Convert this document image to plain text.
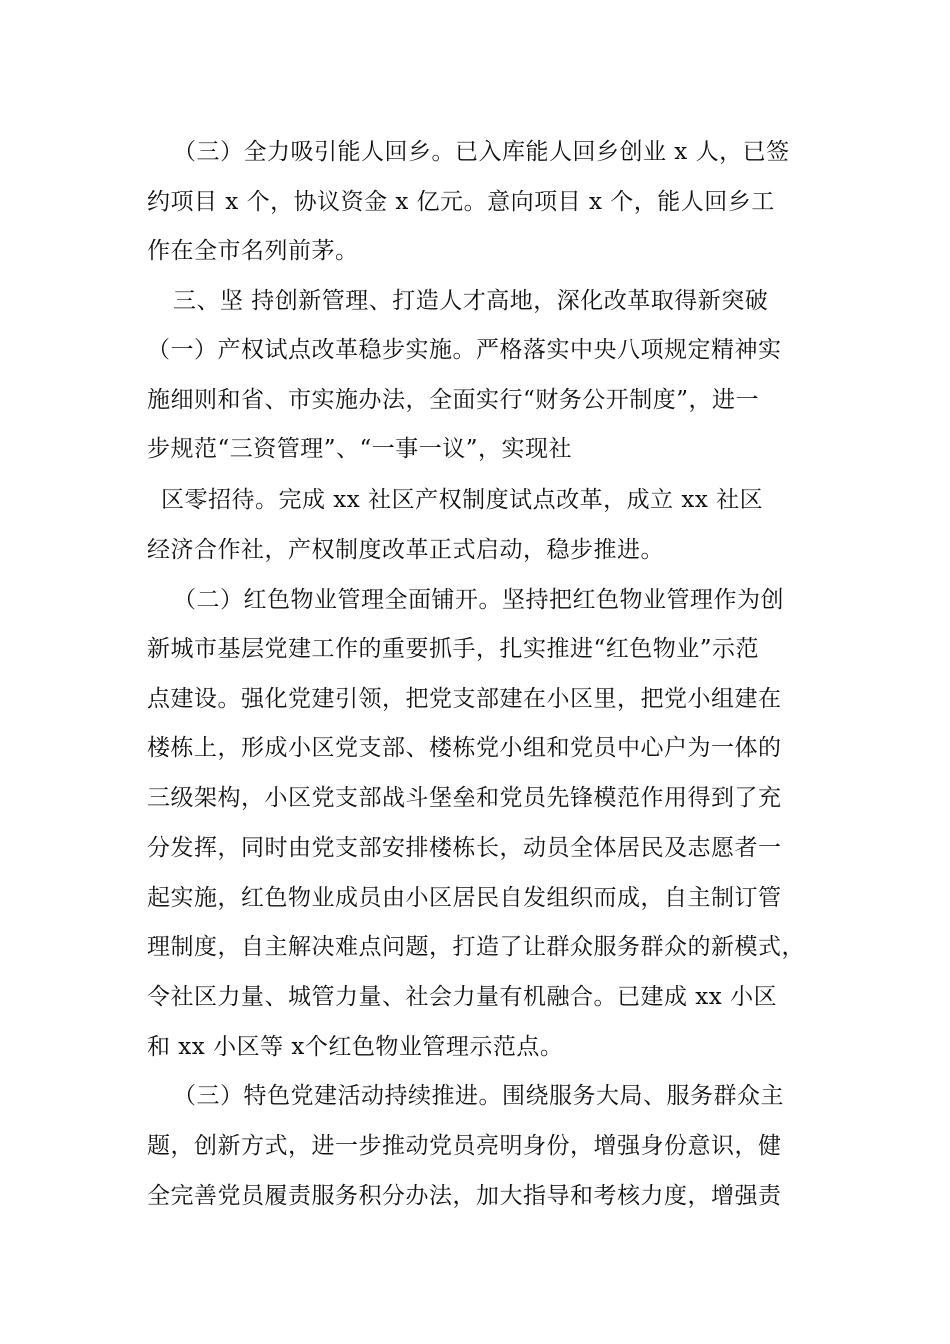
（三）全力吸引能人回乡。已入库能人回乡创业 x 人，已签
约项目 x 个，协议资金 x 亿元。意向项目 x 个，能人回乡工
作在全市名列前茅。
三、坚 持创新管理、打造人才高地，深化改革取得新突破
（一）产权试点改革稳步实施。严格落实中央八项规定精神实
施细则和省、市实施办法，全面实行“财务公开制度”，进一
步规范“三资管理”、“一事一议”，实现社
区零招待。完成 xx 社区产权制度试点改革，成立 xx 社区
经济合作社，产权制度改革正式启动，稳步推进。
（二）红色物业管理全面铺开。坚持把红色物业管理作为创
新城市基层党建工作的重要抓手，扎实推进“红色物业”示范
点建设。强化党建引领，把党支部建在小区里，把党小组建在
楼栋上，形成小区党支部、楼栋党小组和党员中心户为一体的
三级架构，小区党支部战斗堡垒和党员先锋模范作用得到了充
分发挥，同时由党支部安排楼栋长，动员全体居民及志愿者一
起实施，红色物业成员由小区居民自发组织而成，自主制订管
理制度，自主解决难点问题，打造了让群众服务群众的新模式，
令社区力量、城管力量、社会力量有机融合。已建成 xx 小区
和 xx 小区等 x个红色物业管理示范点。
（三）特色党建活动持续推进。围绕服务大局、服务群众主
题，创新方式，进一步推动党员亮明身份，增强身份意识，健
全完善党员履责服务积分办法，加大指导和考核力度，增强责
